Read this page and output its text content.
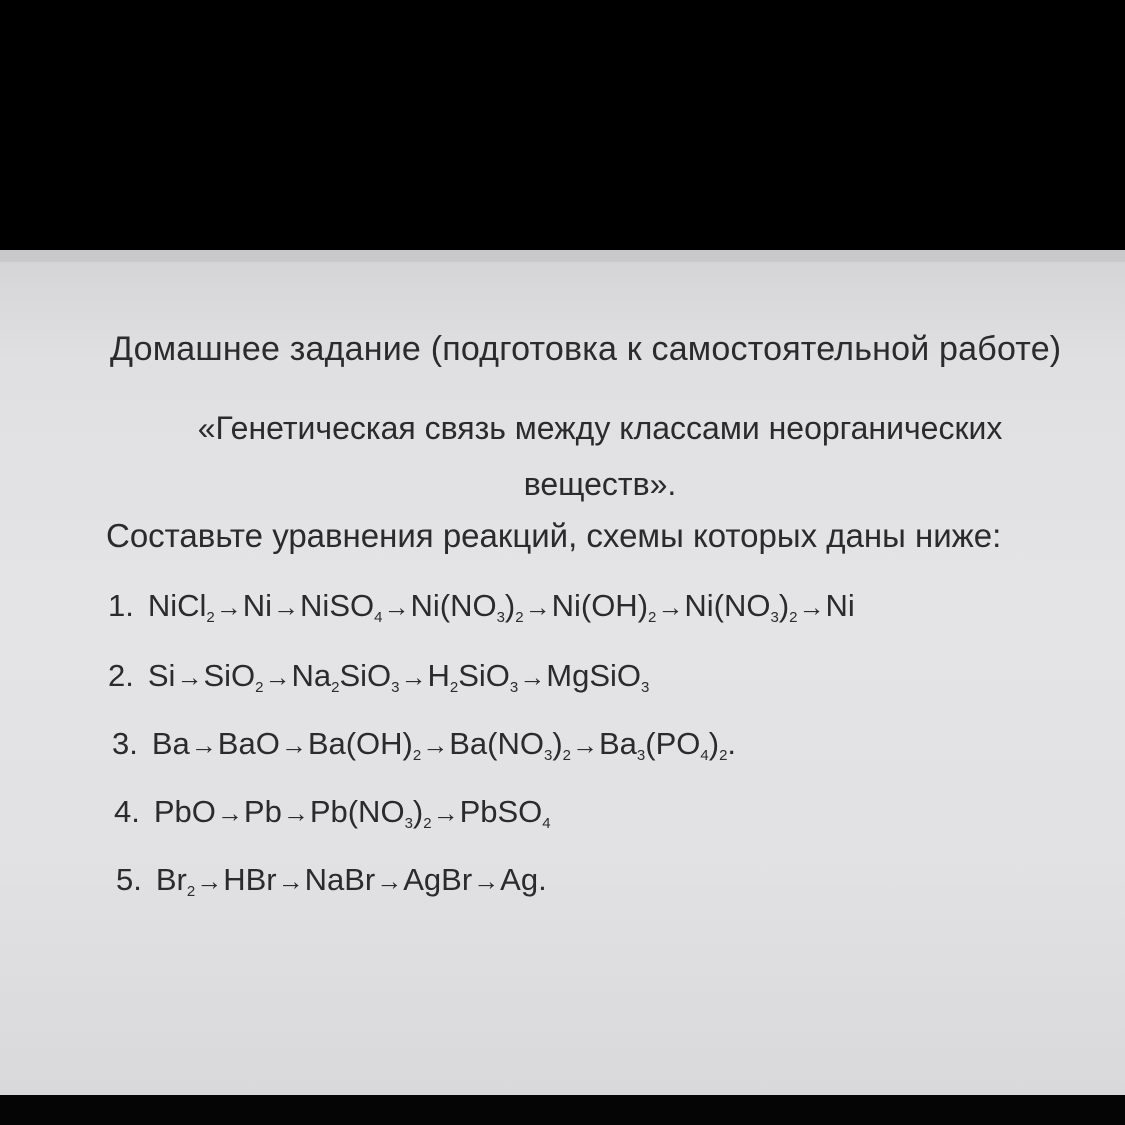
Домашнее задание (подготовка к самостоятельной работе)
«Генетическая связь между классами неорганических веществ».
Составьте уравнения реакций, схемы которых даны ниже:
1. $NiCl_2\to Ni\to NiSO_4\to Ni(NO_3)_2\to Ni(OH)_2\to Ni(NO_3)_2\to Ni$
2. $Si\to SiO_2\to Na_2SiO_3\to H_2SiO_3\to MgSiO_3$
3. $Ba\to BaO\to Ba(OH)_2\to Ba(NO_3)_2\to Ba_3(PO_4)_2$.
4. $PbO\to Pb\to Pb(NO_3)_2\to PbSO_4$
5. $Br_2\to HBr\to NaBr\to AgBr\to Ag$.
